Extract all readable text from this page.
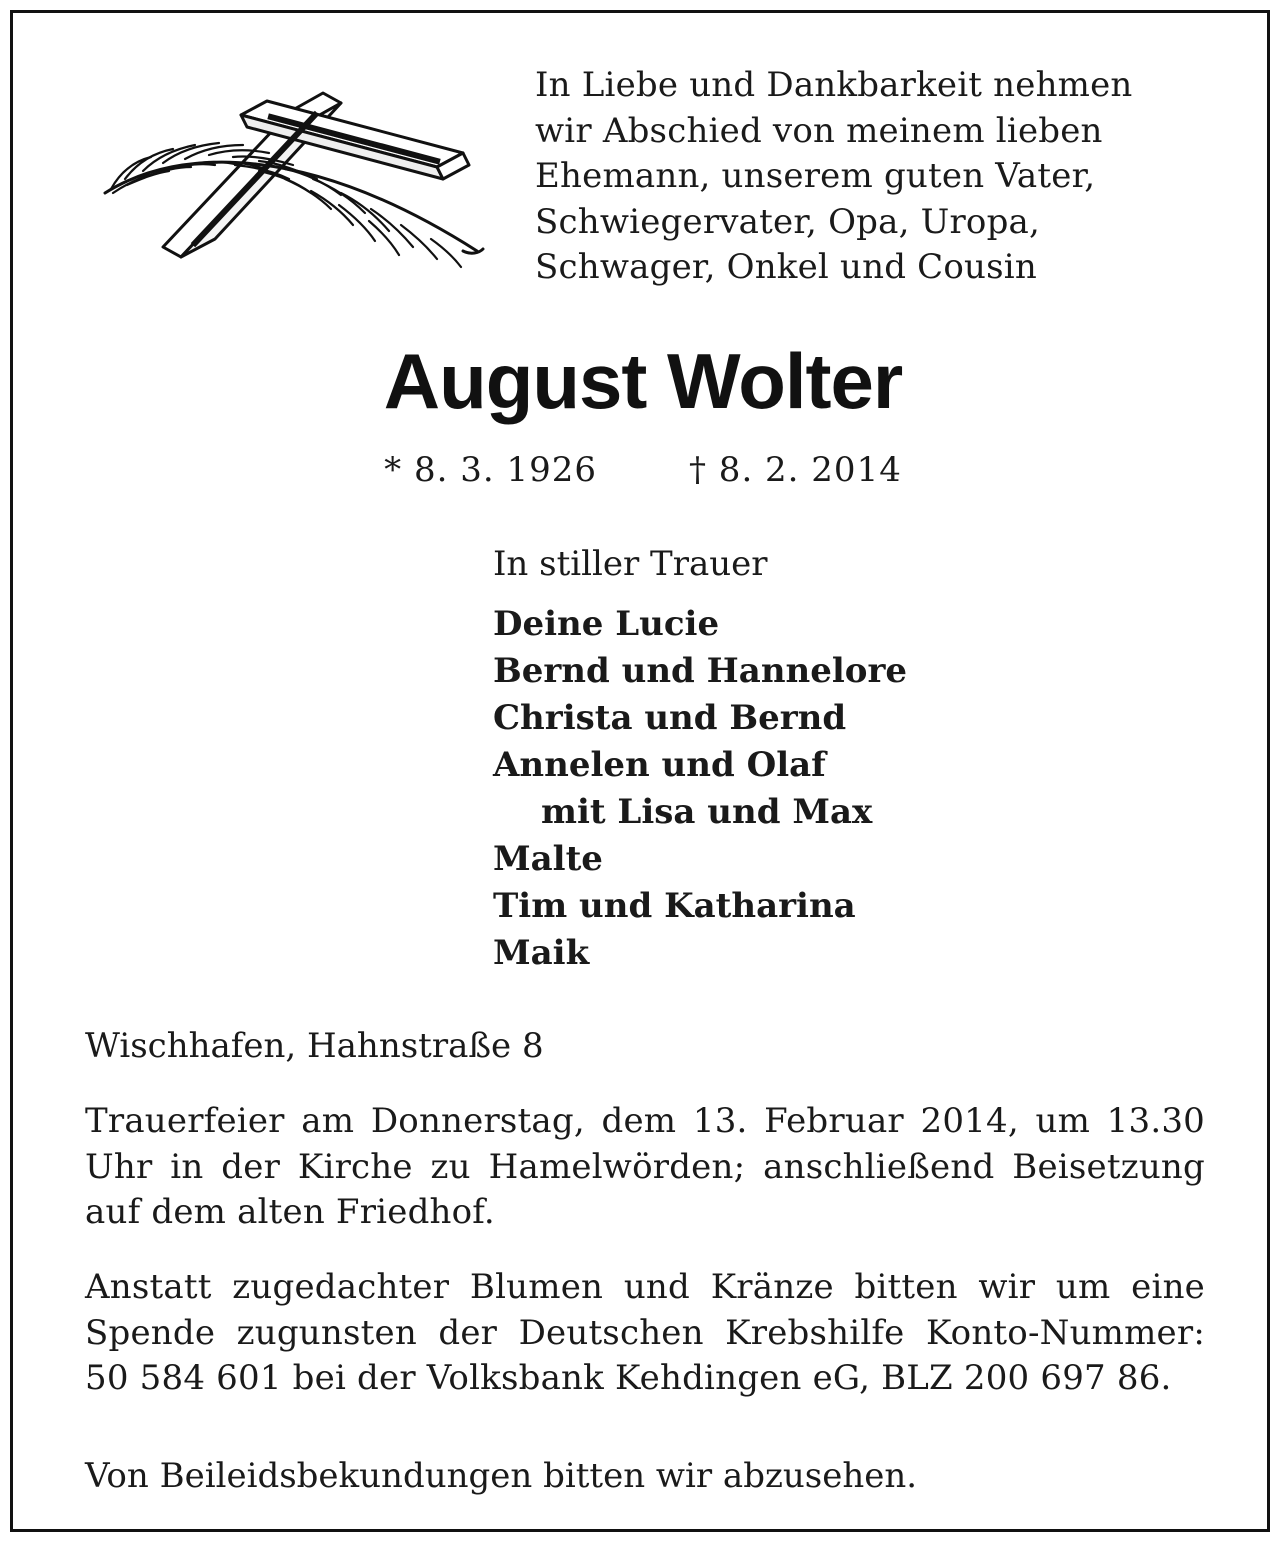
In Liebe und Dankbarkeit nehmen
wir Abschied von meinem lieben
Ehemann, unserem guten Vater,
Schwiegervater, Opa, Uropa,
Schwager, Onkel und Cousin
August Wolter
* 8. 3. 1926	† 8. 2. 2014
In stiller Trauer
Deine Lucie
Bernd und Hannelore
Christa und Bernd
Annelen und Olaf
mit Lisa und Max
Malte
Tim und Katharina
Maik
Wischhafen, Hahnstraße 8
Trauerfeier am Donnerstag, dem 13. Februar 2014, um 13.30 Uhr in der Kirche zu Hamelwörden; anschließend Beisetzung auf dem alten Friedhof.
Anstatt zugedachter Blumen und Kränze bitten wir um eine Spende zugunsten der Deutschen Krebshilfe Konto-Nummer: 50 584 601 bei der Volksbank Kehdingen eG, BLZ 200 697 86.
Von Beileidsbekundungen bitten wir abzusehen.
